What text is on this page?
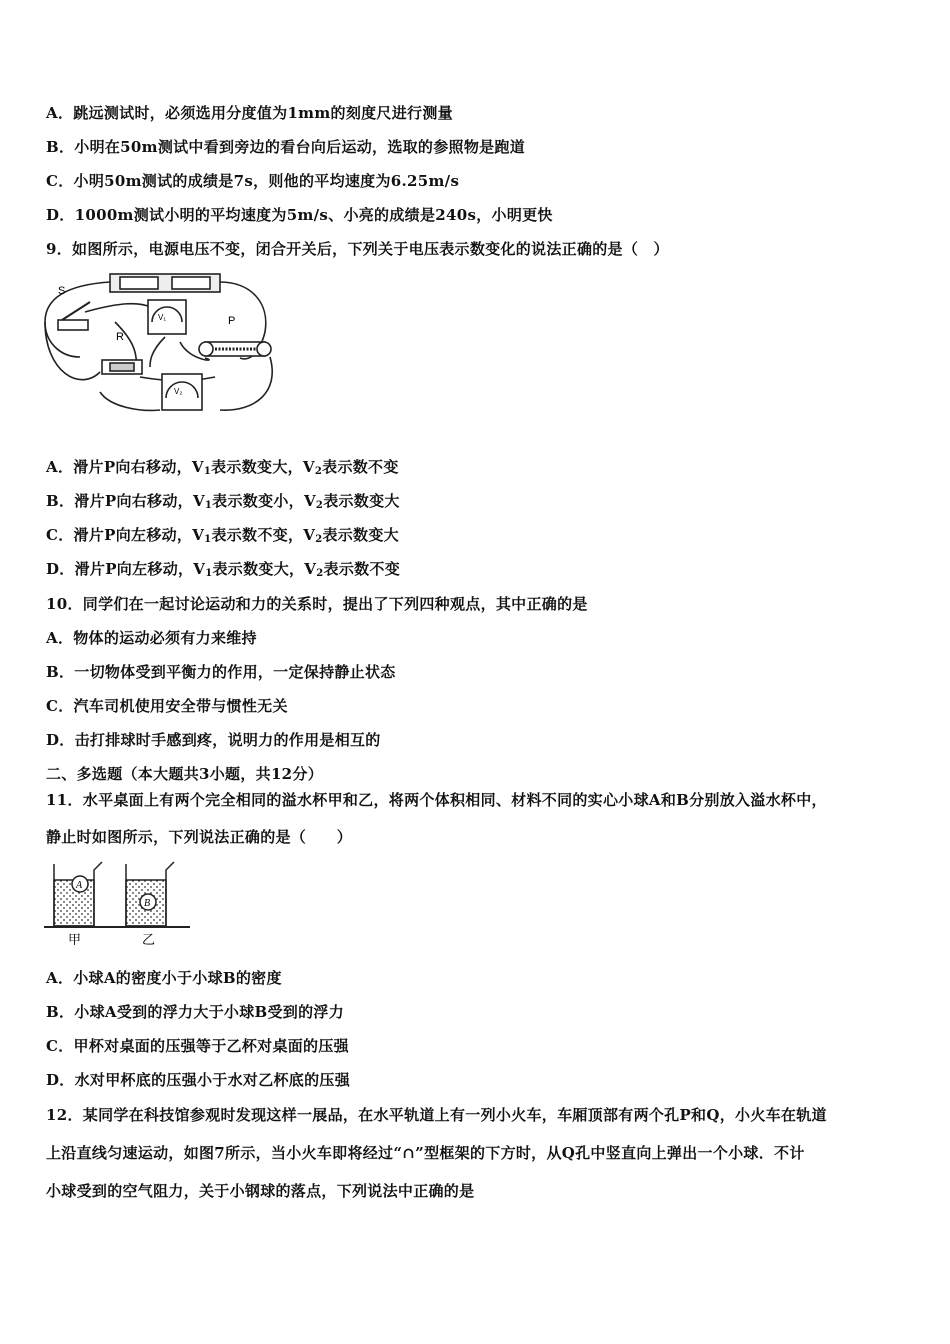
A．跳远测试时，必须选用分度值为1mm的刻度尺进行测量
B．小明在50m测试中看到旁边的看台向后运动，选取的参照物是跑道
C．小明50m测试的成绩是7s，则他的平均速度为6.25m/s
D．1000m测试小明的平均速度为5m/s、小亮的成绩是240s，小明更快
9．如图所示，电源电压不变，闭合开关后，下列关于电压表示数变化的说法正确的是（　）
S
R
P
V₁
V₂
A．滑片P向右移动，$V_1$表示数变大，$V_2$表示数不变
B．滑片P向右移动，$V_1$表示数变小，$V_2$表示数变大
C．滑片P向左移动，$V_1$表示数不变，$V_2$表示数变大
D．滑片P向左移动，$V_1$表示数变大，$V_2$表示数不变
10．同学们在一起讨论运动和力的关系时，提出了下列四种观点，其中正确的是
A．物体的运动必须有力来维持
B．一切物体受到平衡力的作用，一定保持静止状态
C．汽车司机使用安全带与惯性无关
D．击打排球时手感到疼，说明力的作用是相互的
二、多选题（本大题共3小题，共12分）
11．水平桌面上有两个完全相同的溢水杯甲和乙，将两个体积相同、材料不同的实心小球A和B分别放入溢水杯中，
静止时如图所示，下列说法正确的是（　　）
A
B
甲	乙
A．小球A的密度小于小球B的密度
B．小球A受到的浮力大于小球B受到的浮力
C．甲杯对桌面的压强等于乙杯对桌面的压强
D．水对甲杯底的压强小于水对乙杯底的压强
12．某同学在科技馆参观时发现这样一展品，在水平轨道上有一列小火车，车厢顶部有两个孔P和Q，小火车在轨道
上沿直线匀速运动，如图7所示，当小火车即将经过“∩”型框架的下方时，从Q孔中竖直向上弹出一个小球．不计
小球受到的空气阻力，关于小钢球的落点，下列说法中正确的是
